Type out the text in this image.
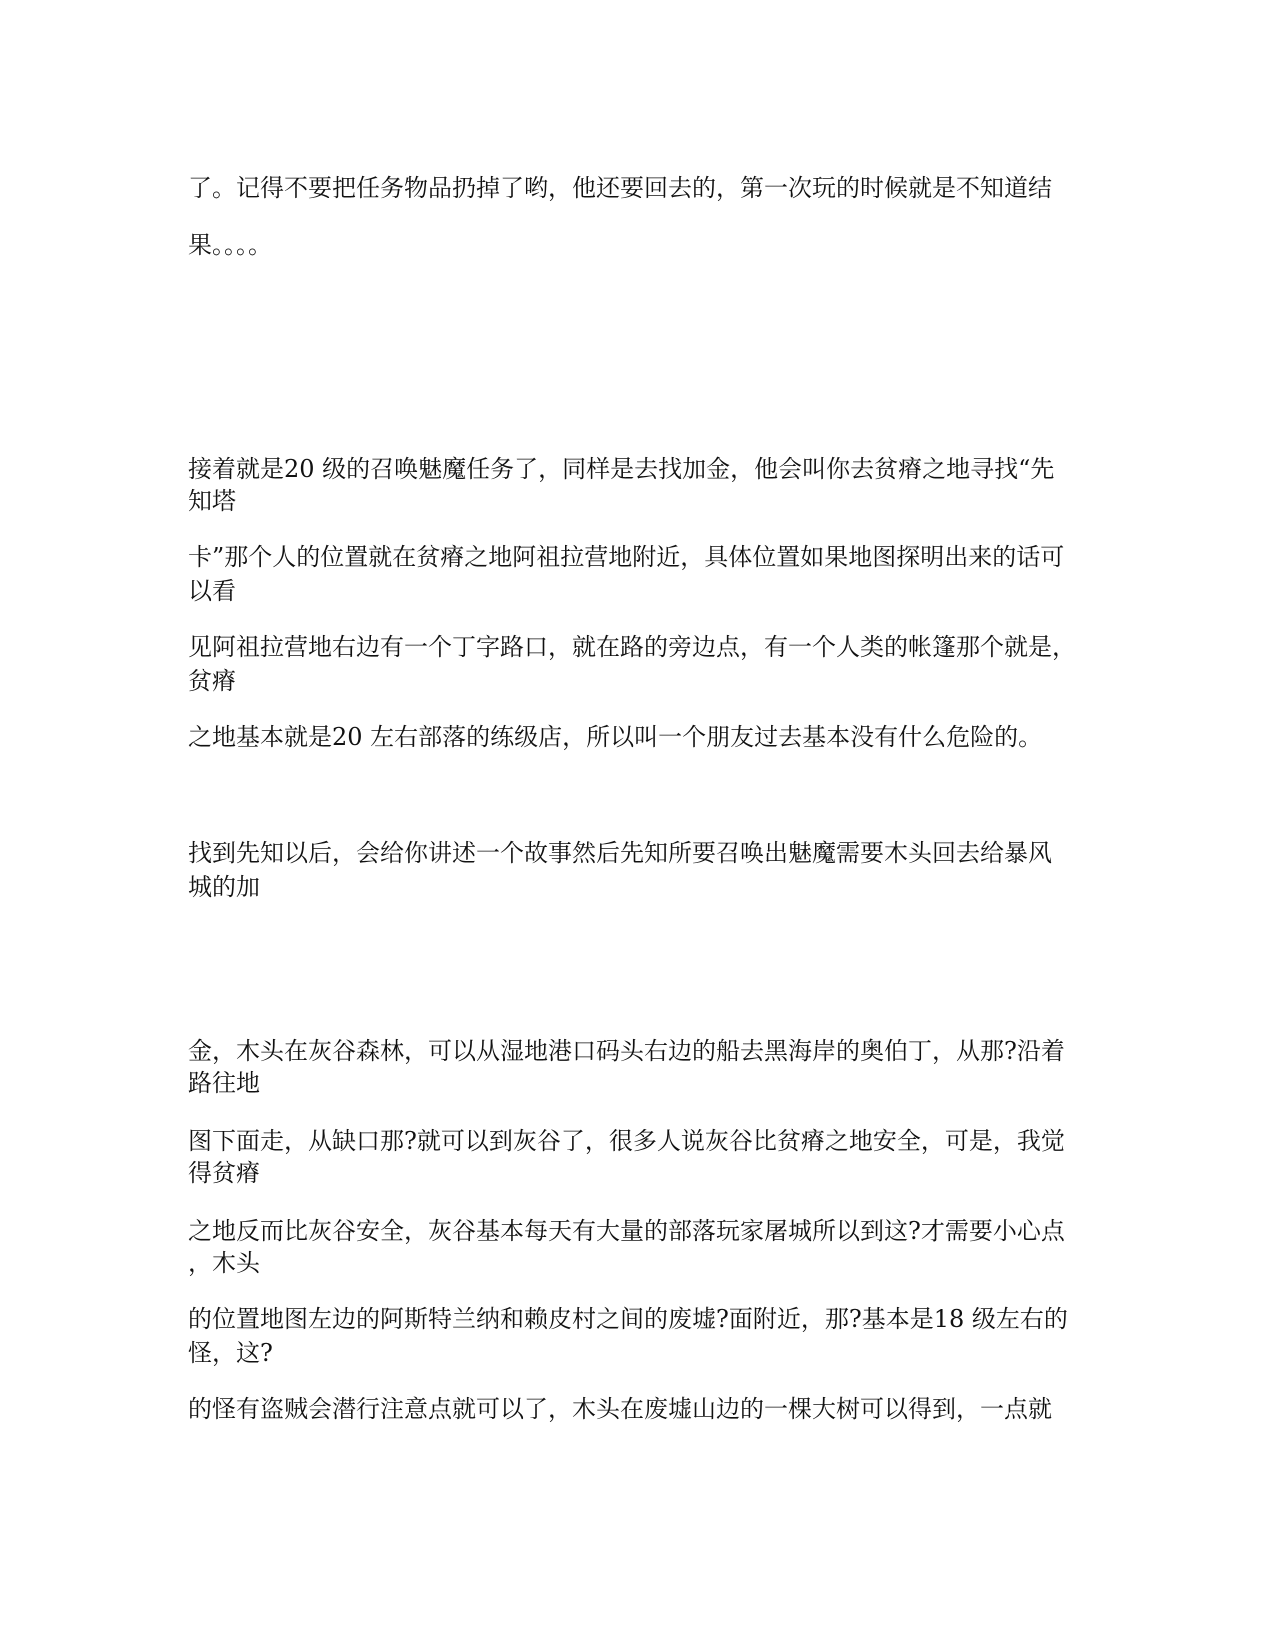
了。记得不要把任务物品扔掉了哟，他还要回去的，第一次玩的时候就是不知道结
果。。。。
接着就是20 级的召唤魅魔任务了，同样是去找加金，他会叫你去贫瘠之地寻找“先
知塔
卡”那个人的位置就在贫瘠之地阿祖拉营地附近，具体位置如果地图探明出来的话可
以看
见阿祖拉营地右边有一个丁字路口，就在路的旁边点，有一个人类的帐篷那个就是，
贫瘠
之地基本就是20 左右部落的练级店，所以叫一个朋友过去基本没有什么危险的。
找到先知以后，会给你讲述一个故事然后先知所要召唤出魅魔需要木头回去给暴风
城的加
金，木头在灰谷森林，可以从湿地港口码头右边的船去黑海岸的奥伯丁，从那?沿着
路往地
图下面走，从缺口那?就可以到灰谷了，很多人说灰谷比贫瘠之地安全，可是，我觉
得贫瘠
之地反而比灰谷安全，灰谷基本每天有大量的部落玩家屠城所以到这?才需要小心点
，木头
的位置地图左边的阿斯特兰纳和赖皮村之间的废墟?面附近，那?基本是18 级左右的
怪，这?
的怪有盗贼会潜行注意点就可以了，木头在废墟山边的一棵大树可以得到，一点就
